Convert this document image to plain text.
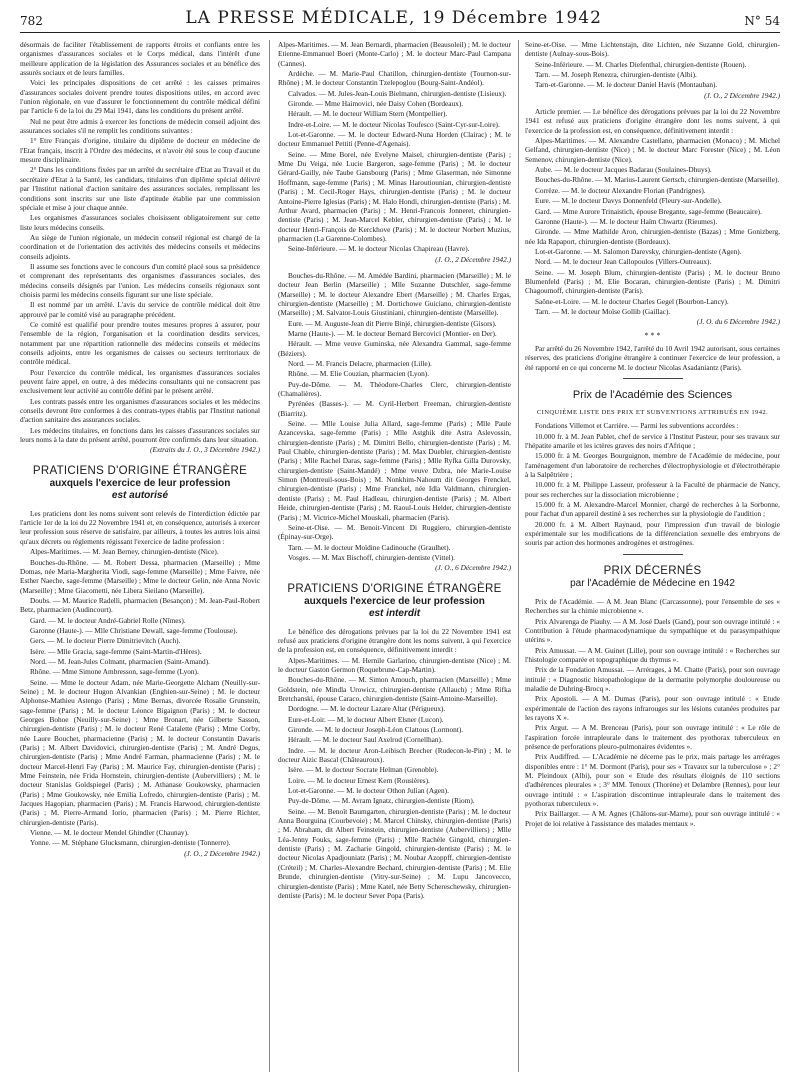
782	LA PRESSE MÉDICALE, 19 Décembre 1942	N° 54

désormais de faciliter l'établissement de rapports étroits et confiants entre les organismes d'assurances sociales et le Corps médical, dans l'intérêt d'une meilleure application de la législation des Assurances sociales et au bénéfice des assurés sociaux et de leurs familles.

Voici les principales dispositions de cet arrêté : les caisses primaires d'assurances sociales doivent prendre toutes dispositions utiles, en accord avec l'union régionale, en vue d'assurer le fonctionnement du contrôle médical défini par l'article 6 de la loi du 29 Mai 1941, dans les conditions du présent arrêté.

Nul ne peut être admis à exercer les fonctions de médecin conseil adjoint des assurances sociales s'il ne remplit les conditions suivantes :

1° Etre Français d'origine, titulaire du diplôme de docteur en médecine de l'Etat français, inscrit à l'Ordre des médecins, et n'avoir été sous le coup d'aucune mesure disciplinaire.

2° Dans les conditions fixées par un arrêté du secrétaire d'Etat au Travail et du secrétaire d'Etat à la Santé, les candidats, titulaires d'un diplôme spécial délivré par l'Institut national d'action sanitaire des assurances sociales, remplissant les conditions sont inscrits sur une liste d'aptitude établie par une commission spéciale et mise à jour chaque année.

Les organismes d'assurances sociales choisissent obligatoirement sur cette liste leurs médecins conseils.

Au siège de l'union régionale, un médecin conseil régional est chargé de la coordination et de l'orientation des activités des médecins conseils et médecins conseils adjoints.

Il assume ses fonctions avec le concours d'un comité placé sous sa présidence et comprenant des représentants des organismes d'assurances sociales, des médecins conseils désignés par l'union. Les médecins conseils régionaux sont choisis parmi les médecins conseils figurant sur une liste spéciale.

Il est nommé par un arrêté. L'avis du service de contrôle médical doit être approuvé par le comité visé au paragraphe précédent.

Ce comité est qualifié pour prendre toutes mesures propres à assurer, pour l'ensemble de la région, l'organisation et la coordination desdits services, notamment par une répartition rationnelle des médecins conseils et médecins conseils adjoints, entre les organismes de caisses ou secteurs territoriaux de contrôle médical.

Pour l'exercice du contrôle médical, les organismes d'assurances sociales peuvent faire appel, en outre, à des médecins consultants qui ne consacrent pas exclusivement leur activité au contrôle défini par le présent arrêté.

Les contrats passés entre les organismes d'assurances sociales et les médecins conseils devront être conformes à des contrats-types établis par l'Institut national d'action sanitaire des assurances sociales.

Les médecins titulaires, en fonctions dans les caisses d'assurances sociales sur leurs noms à la date du présent arrêté, pourront être confirmés dans leur situation.

(Extraits du J. O., 3 Décembre 1942.)

PRATICIENS D'ORIGINE ÉTRANGÈRE
auxquels l'exercice de leur profession
est autorisé

Les praticiens dont les noms suivent sont relevés de l'interdiction édictée par l'article 1er de la loi du 22 Novembre 1941 et, en conséquence, autorisés à exercer leur profession sous réserve de satisfaire, par ailleurs, à toutes les autres lois ainsi qu'aux décrets ou règlements régissant l'exercice de ladite profession :

Alpes-Maritimes. — M. Jean Berney, chirurgien-dentiste (Nice).

Bouches-du-Rhône. — M. Robert Dessa, pharmacien (Marseille) ; Mme Domas, née Maria-Margherita Viodi, sage-femme (Marseille) ; Mme Faivre, née Esther Naeche, sage-femme (Marseille) ; Mme le docteur Gelin, née Anna Novic (Marseille) ; Mme Giacometti, née Libera Sieilano (Marseille).

Doubs. — M. Maurice Radelli, pharmacien (Besançon) ; M. Jean-Paul-Robert Betz, pharmacien (Audincourt).

Gard. — M. le docteur André-Gabriel Rolle (Nîmes).

Garonne (Haute-). — Mlle Christiane Dewall, sage-femme (Toulouse).

Gers. — M. le docteur Pierre Dimitrievitch (Auch).

Isère. — Mlle Gracia, sage-femme (Saint-Martin-d'Hères).

Nord. — M. Jean-Jules Colmant, pharmacien (Saint-Amand).

Rhône. — Mme Simone Ambresson, sage-femme (Lyon).

Seine. — Mme le docteur Adam, née Marie-Georgette Alcham (Neuilly-sur-Seine) ; M. le docteur Hugon Alvankian (Enghien-sur-Seine) ; M. le docteur Alphonse-Mathieu Astengo (Paris) ; Mme Bernas, divorcée Rosalie Grunstein, sage-femme (Paris) ; M. le docteur Léonce Bigaignon (Paris) ; M. le docteur Georges Bohoe (Neuilly-sur-Seine) ; Mme Bronart, née Gilberte Sasson, chirurgien-dentiste (Paris) ; M. le docteur René Catalette (Paris) ; Mme Corby, née Laure Bouchet, pharmacienne (Paris) ; M. le docteur Constantin Davaris (Paris) ; M. Albert Davidovici, chirurgien-dentiste (Paris) ; M. André Degus, chirurgien-dentiste (Paris) ; Mme André Farman, pharmacienne (Paris) ; M. le docteur Marcel-Henri Fay (Paris) ; M. Maurice Fay, chirurgien-dentiste (Paris) ; Mme Feinstein, née Frida Hornstein, chirurgien-dentiste (Aubervilliers) ; M. le docteur Stanislas Goldspiegel (Paris) ; M. Athanase Goukowsky, pharmacien (Paris) ; Mme Goukowsky, née Emilia Lofredo, chirurgien-dentiste (Paris) ; M. Jacques Hagopian, pharmacien (Paris) ; M. Francis Harwood, chirurgien-dentiste (Paris) ; M. Pierre-Armand Iorio, pharmacien (Paris) ; M. Pierre Richter, chirurgien-dentiste (Paris).

Vienne. — M. le docteur Mendel Ghindler (Chaunay).

Yonne. — M. Stéphane Glucksmann, chirurgien-dentiste (Tonnerre).

(J. O., 2 Décembre 1942.)

Alpes-Maritimes. — M. Jean Bernardi, pharmacien (Beausoleil) ; M. le docteur Etienne-Emmanuel Boeri (Monte-Carlo) ; M. le docteur Marc-Paul Campana (Cannes).

Ardèche. — M. Marie-Paul Chatillon, chirurgien-dentiste (Tournon-sur-Rhône) ; M. le docteur Constantin Tzelepoglou (Bourg-Saint-Andéol).

Calvados. — M. Jules-Jean-Louis Bielmann, chirurgien-dentiste (Lisieux).

Gironde. — Mme Haimovici, née Daisy Cohen (Bordeaux).

Hérault. — M. le docteur William Stern (Montpellier).

Indre-et-Loire. — M. le docteur Nicolas Toufesco (Saint-Cyr-sur-Loire).

Lot-et-Garonne. — M. le docteur Edward-Nuna Horden (Clairac) ; M. le docteur Emmanuel Pettiti (Penne-d'Agenais).

Seine. — Mme Borel, née Evelyne Maisel, chirurgien-dentiste (Paris) ; Mme Du Veiga, née Lucie Bargeron, sage-femme (Paris) ; M. le docteur Gérard-Gailly, née Taube Gansbourg (Paris) ; Mme Glaserman, née Simonne Hoffmann, sage-femme (Paris) ; M. Minas Haroutiounian, chirurgien-dentiste (Paris) ; M. Cecil-Roger Hays, chirurgien-dentiste (Paris) ; M. le docteur Antoine-Pierre Iglesias (Paris) ; M. Halo Hondi, chirurgien-dentiste (Paris) ; M. Arthur Avard, pharmacien (Paris) ; M. Henri-Francois Jonneret, chirurgien-dentiste (Paris) ; M. Jean-Marcel Kebler, chirurgien-dentiste (Paris) ; M. le docteur Henri-François de Kerckhove (Paris) ; M. le docteur Norbert Muzius, pharmacien (La Garenne-Colombes).

Seine-Inférieure. — M. le docteur Nicolas Chapireau (Havre).

(J. O., 2 Décembre 1942.)

Bouches-du-Rhône. — M. Amédée Bardini, pharmacien (Marseille) ; M. le docteur Jean Berlin (Marseille) ; Mlle Suzanne Dutschler, sage-femme (Marseille) ; M. le docteur Alexandre Ebert (Marseille) ; M. Charles Ergas, chirurgien-dentiste (Marseille) ; M. Dortichowe Guiciano, chirurgien-dentiste (Marseille) ; M. Salvator-Louis Giustiniani, chirurgien-dentiste (Marseille).

Eure. — M. Auguste-Jean dit Pierre Binjé, chirurgien-dentiste (Gisors).

Marne (Haute-). — M. le docteur Bernard Bercovici (Montier- en Der).

Hérault. — Mme veuve Guminska, née Alexandra Gammal, sage-femme (Béziers).

Nord. — M. Francis Delacre, pharmacien (Lille).

Rhône. — M. Elie Couzian, pharmacien (Lyon).

Puy-de-Dôme. — M. Théodore-Charles Clerc, chirurgien-dentiste (Chamalières).

Pyrénées (Basses-). — M. Cyril-Herbert Freeman, chirurgien-dentiste (Biarritz).

Seine. — Mlle Louise Julia Allard, sage-femme (Paris) ; Mlle Paule Azancevska, sage-femme (Paris) ; Mlle Astghik dite Astra Aslevossin, chirurgien-dentiste (Paris) ; M. Dimitri Bello, chirurgien-dentiste (Paris) ; M. Paul Chable, chirurgien-dentiste (Paris) ; M. Max Duebler, chirurgien-dentiste (Paris) ; Mlle Rachel Daras, sage-femme (Paris) ; Mlle Ryfka Gilla Durovsky, chirurgien-dentiste (Saint-Mandé) ; Mme veuve Dzbra, née Marie-Louise Simon (Montreuil-sous-Bois) ; M. Nonkhim-Nahoum dit Georges Frenckel, chirurgien-dentiste (Paris) ; Mme Franckel, née Idla Valdmann, chirurgien-dentiste (Paris) ; M. Paul Hadleau, chirurgien-dentiste (Paris) ; M. Albert Heide, chirurgien-dentiste (Paris) ; M. Raoul-Louis Helder, chirurgien-dentiste (Paris) ; M. Victrice-Michel Mouskali, pharmacien (Paris).

Seine-et-Oise. — M. Benoit-Vincent Di Ruggiero, chirurgien-dentiste (Épinay-sur-Orge).

Tarn. — M. le docteur Moïdine Cadinouche (Graulhet).

Vosges. — M. Max Bischoff, chirurgien-dentiste (Vittel).

(J. O., 6 Décembre 1942.)

PRATICIENS D'ORIGINE ÉTRANGÈRE
auxquels l'exercice de leur profession
est interdit

Le bénéfice des dérogations prévues par la loi du 22 Novembre 1941 est refusé aux praticiens d'origine étrangère dont les noms suivent, à qui l'exercice de la profession est, en conséquence, définitivement interdit :

Alpes-Maritimes. — M. Hernile Garlarino, chirurgien-dentiste (Nice) ; M. le docteur Gaston Germon (Roquebrune-Cap-Martin).

Bouches-du-Rhône. — M. Simon Amouch, pharmacien (Marseille) ; Mme Goldstein, née Mindla Urowicz, chirurgien-dentiste (Allauch) ; Mme Rifka Bretchanski, épouse Caraco, chirurgien-dentiste (Saint-Antoine-Marseille).

Dordogne. — M. le docteur Lazare Altar (Périgueux).

Eure-et-Loir. — M. le docteur Albert Elsner (Lucon).

Gironde. — M. le docteur Joseph-Léon Clattous (Lormont).

Hérault. — M. le docteur Saul Axelrod (Cornellhan).

Indre. — M. le docteur Aron-Leibisch Brecher (Rudecon-le-Pin) ; M. le docteur Aizic Bascal (Châteauroux).

Isère. — M. le docteur Socrate Helman (Grenoble).

Loire. — M. le docteur Ernest Kern (Rousières).

Lot-et-Garonne. — M. le docteur Othon Julian (Agen).

Puy-de-Dôme. — M. Avram Ignatz, chirurgien-dentiste (Riom).

Seine. — M. Benoît Baumgarten, chirurgien-dentiste (Paris) ; M. le docteur Anna Bourguina (Courbevoie) ; M. Marcel Chinsky, chirurgien-dentiste (Paris) ; M. Abraham, dit Albert Feinstein, chirurgien-dentiste (Aubervilliers) ; Mlle Léa-Jenny Fouks, sage-femme (Paris) ; Mlle Rachèle Gingold, chirurgien-dentiste (Paris) ; M. Zacharie Gingold, chirurgien-dentiste (Paris) ; M. le docteur Nicolas Apadjouniatz (Paris) ; M. Noubar Azoppff, chirurgien-dentiste (Créteil) ; M. Charles-Alexandre Bechard, chirurgien-dentiste (Paris) ; M. Elie Brunde, chirurgien-dentiste (Vitry-sur-Seine) ; M. Lupu Jancovecco, chirurgien-dentiste (Paris) ; Mme Katel, née Betty Schereschewsky, chirurgien-dentiste (Paris) ; M. le docteur Sever Popa (Paris).

Seine-et-Oise. — Mme Lichtenstajn, dite Lichten, née Suzanne Gold, chirurgien-dentiste (Aulnay-sous-Bois).

Seine-Inférieure. — M. Charles Diefenthal, chirurgien-dentiste (Rouen).

Tarn. — M. Joseph Renezra, chirurgien-dentiste (Albi).

Tarn-et-Garonne. — M. le docteur Daniel Havis (Montauban).

(J. O., 2 Décembre 1942.)

Article premier. — Le bénéfice des dérogations prévues par la loi du 22 Novembre 1941 est refusé aux praticiens d'origine étrangère dont les noms suivent, à qui l'exercice de la profession est, en conséquence, définitivement interdit :

Alpes-Maritimes. — M. Alexandre Castellano, pharmacien (Monaco) ; M. Michel Gelfand, chirurgien-dentiste (Nice) ; M. le docteur Marc Forester (Nice) ; M. Léon Semenov, chirurgien-dentiste (Nice).

Aube. — M. le docteur Jacques Badarau (Soulaines-Dhuys).

Bouches-du-Rhône. — M. Marius-Laurent Gertsch, chirurgien-dentiste (Marseille).

Corrèze. — M. le docteur Alexandre Florian (Pandrignes).

Eure. — M. le docteur Davys Donnenfeld (Fleury-sur-Andelle).

Gard. — Mme Aurore Trinaistich, épouse Bregante, sage-femme (Beaucaire).

Garonne (Haute-). — M. le docteur Haïm Chwartz (Rieumes).

Gironde. — Mme Mathilde Aron, chirurgien-dentiste (Bazas) ; Mme Gonizberg, née Ida Rapaport, chirurgien-dentiste (Bordeaux).

Lot-et-Garonne. — M. Salomon Darevsky, chirurgien-dentiste (Agen).

Nord. — M. le docteur Jean Callopoulos (Villers-Outreaux).

Seine. — M. Joseph Blum, chirurgien-dentiste (Paris) ; M. le docteur Bruno Blumenfeld (Paris) ; M. Elie Bocaran, chirurgien-dentiste (Paris) ; M. Dimitri Chagoumoff, chirurgien-dentiste (Paris).

Saône-et-Loire. — M. le docteur Charles Gegel (Bourbon-Lancy).

Tarn. — M. le docteur Moïse Gollib (Gaillac).

(J. O. du 6 Décembre 1942.)

* * *

Par arrêté du 26 Novembre 1942, l'arrêté du 10 Avril 1942 autorisant, sous certaines réserves, des praticiens d'origine étrangère à continuer l'exercice de leur profession, a été rapporté en ce qui concerne M. le docteur Nicolas Asadaniantz (Paris).

Prix de l'Académie des Sciences
CINQUIÈME LISTE DES PRIX ET SUBVENTIONS ATTRIBUÉS EN 1942.

Fondations Villemot et Carrière. — Parmi les subventions accordées :

10.000 fr. à M. Jean Pablet, chef de service à l'Institut Pasteur, pour ses travaux sur l'hépatite amarile et les ictères graves des noirs d'Afrique ;

15.000 fr. à M. Georges Bourguignon, membre de l'Académie de médecine, pour l'aménagement d'un laboratoire de recherches d'électrophysiologie et d'électrothérapie à la Salpêtrière ;

10.000 fr. à M. Philippe Lasseur, professeur à la Faculté de pharmacie de Nancy, pour ses recherches sur la dissociation microbienne ;

15.000 fr. à M. Alexandre-Marcel Monnier, chargé de recherches à la Sorbonne, pour l'achat d'un appareil destiné à ses recherches sur la physiologie de l'audition ;

20.000 fr. à M. Albert Raynaud, pour l'impression d'un travail de biologie expérimentale sur les modifications de la différenciation sexuelle des embryons de souris par action des hormones androgènes et œstrogènes.

PRIX DÉCERNÉS
par l'Académie de Médecine en 1942

Prix de l'Académie. — A M. Jean Blanc (Carcassonne), pour l'ensemble de ses « Recherches sur la chimie microbienne ».

Prix Alvarenga de Piauhy. — A M. José Daels (Gand), pour son ouvrage intitulé : « Contribution à l'étude pharmacodynamique du sympathique et du parasympathique utérins ».

Prix Amussat. — A M. Guinet (Lille), pour son ouvrage intitulé : « Recherches sur l'histologie comparée et topographique du thymus ».

Prix de la Fondation Amussat. — Arrérages, à M. Chatte (Paris), pour son ouvrage intitulé : « Diagnostic histopathologique de la dermatite polymorphe douloureuse ou maladie de Duhring-Brocq ».

Prix Apostoli. — A M. Dumas (Paris), pour son ouvrage intitulé : « Etude expérimentale de l'action des rayons infrarouges sur les lésions cutanées produites par les rayons X ».

Prix Argut. — A M. Brenceau (Paris), pour son ouvrage intitulé : « Le rôle de l'aspiration forcée intrapleurale dans le traitement des pyothorax tuberculeux en présence de perforations pleuro-pulmonaires évidentes ».

Prix Audiffred. — L'Académie ne décerne pas le prix, mais partage les arrérages disponibles entre : 1° M. Dormont (Paris), pour ses « Travaux sur la tuberculose » ; 2° M. Pleindoux (Albi), pour son « Etude des résultats éloignés de 110 sections d'adhérences pleurales » ; 3° MM. Tenoux (Thorène) et Delambre (Rennes), pour leur ouvrage intitulé : « L'aspiration discontinue intrapleurale dans le traitement des pyothorax tuberculeux ».

Prix Baillarger. — A M. Agnes (Châlons-sur-Marne), pour son ouvrage intitulé : « Projet de loi relative à l'assistance des malades mentaux ».
